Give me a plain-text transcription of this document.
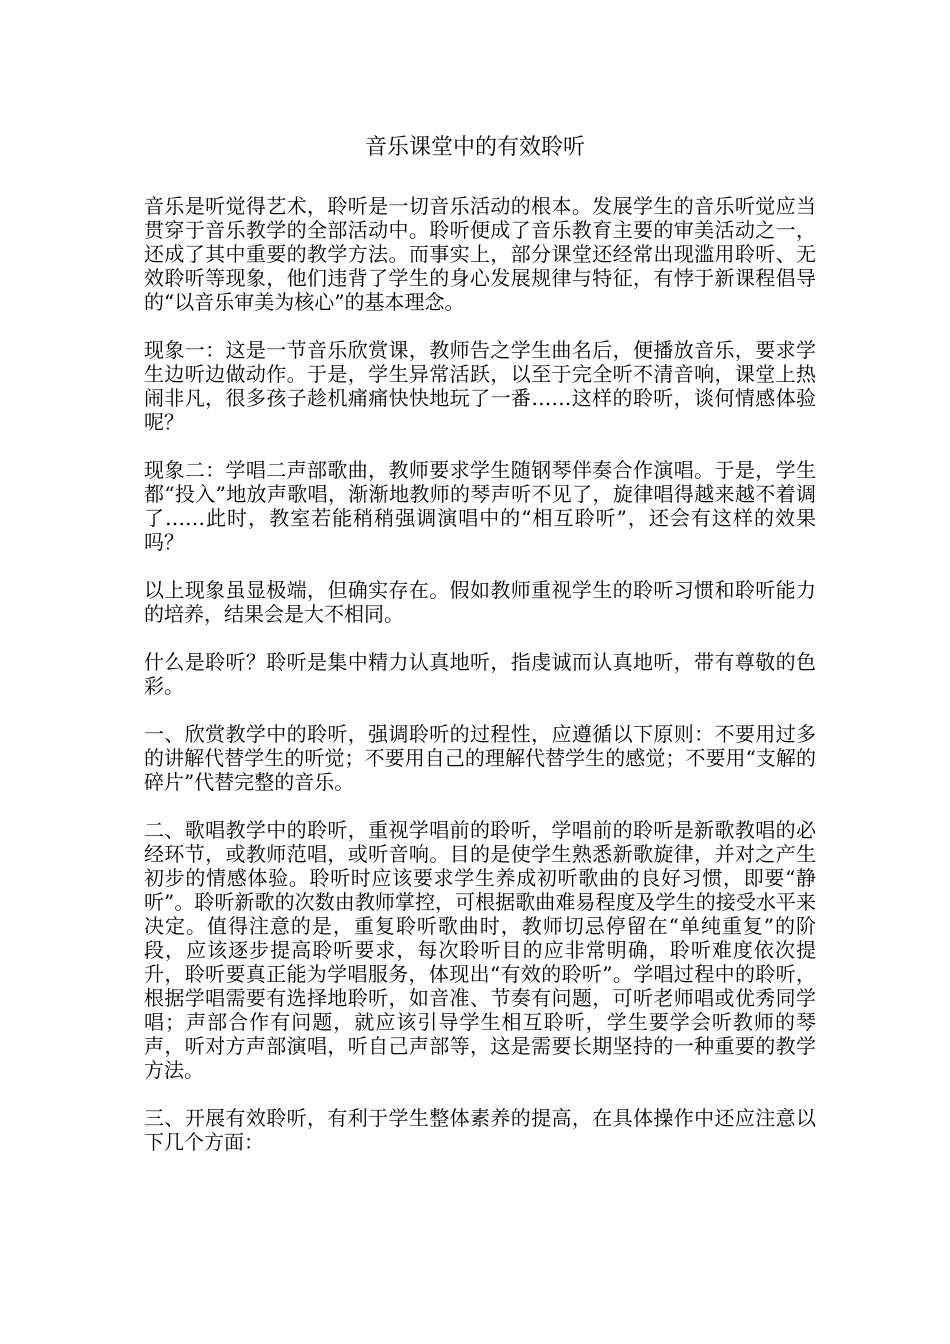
音乐课堂中的有效聆听

音乐是听觉得艺术，聆听是一切音乐活动的根本。发展学生的音乐听觉应当贯穿于音乐教学的全部活动中。聆听便成了音乐教育主要的审美活动之一，还成了其中重要的教学方法。而事实上，部分课堂还经常出现滥用聆听、无效聆听等现象，他们违背了学生的身心发展规律与特征，有悖于新课程倡导的“以音乐审美为核心”的基本理念。

现象一：这是一节音乐欣赏课，教师告之学生曲名后，便播放音乐，要求学生边听边做动作。于是，学生异常活跃，以至于完全听不清音响，课堂上热闹非凡，很多孩子趁机痛痛快快地玩了一番……这样的聆听，谈何情感体验呢？

现象二：学唱二声部歌曲，教师要求学生随钢琴伴奏合作演唱。于是，学生都“投入”地放声歌唱，渐渐地教师的琴声听不见了，旋律唱得越来越不着调了……此时，教室若能稍稍强调演唱中的“相互聆听”，还会有这样的效果吗？

以上现象虽显极端，但确实存在。假如教师重视学生的聆听习惯和聆听能力的培养，结果会是大不相同。

什么是聆听？聆听是集中精力认真地听，指虔诚而认真地听，带有尊敬的色彩。

一、欣赏教学中的聆听，强调聆听的过程性，应遵循以下原则：不要用过多的讲解代替学生的听觉；不要用自己的理解代替学生的感觉；不要用“支解的碎片”代替完整的音乐。

二、歌唱教学中的聆听，重视学唱前的聆听，学唱前的聆听是新歌教唱的必经环节，或教师范唱，或听音响。目的是使学生熟悉新歌旋律，并对之产生初步的情感体验。聆听时应该要求学生养成初听歌曲的良好习惯，即要“静听”。聆听新歌的次数由教师掌控，可根据歌曲难易程度及学生的接受水平来决定。值得注意的是，重复聆听歌曲时，教师切忌停留在“单纯重复”的阶段，应该逐步提高聆听要求，每次聆听目的应非常明确，聆听难度依次提升，聆听要真正能为学唱服务，体现出“有效的聆听”。学唱过程中的聆听，根据学唱需要有选择地聆听，如音准、节奏有问题，可听老师唱或优秀同学唱；声部合作有问题，就应该引导学生相互聆听，学生要学会听教师的琴声，听对方声部演唱，听自己声部等，这是需要长期坚持的一种重要的教学方法。

三、开展有效聆听，有利于学生整体素养的提高，在具体操作中还应注意以下几个方面：
